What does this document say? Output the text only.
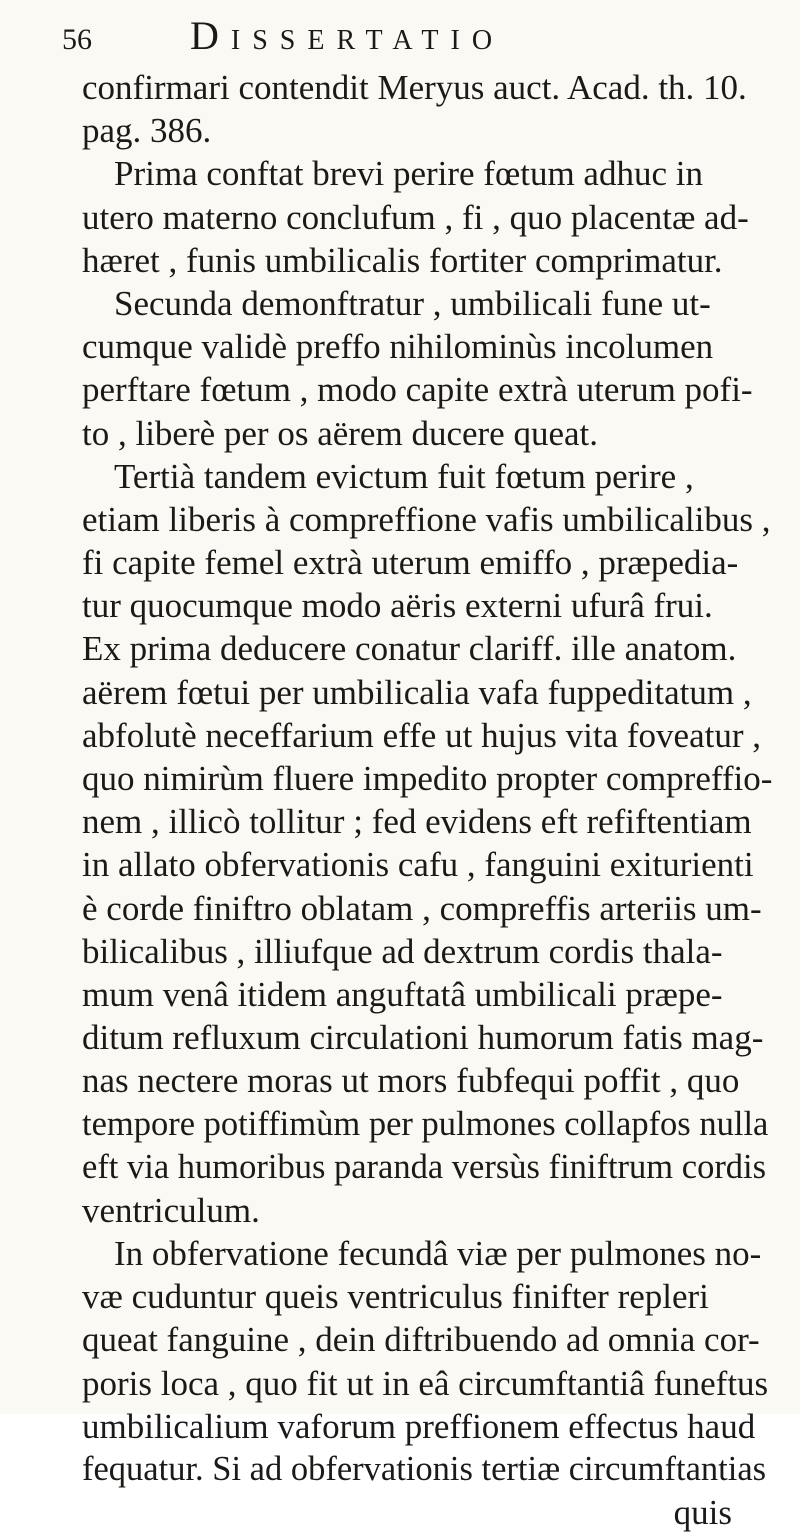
56	Dissertatio
confirmari contendit Meryus auct. Acad. th. 10.
pag. 386.
Prima conftat brevi perire fœtum adhuc in
utero materno conclufum , fi , quo placentæ ad-
hæret , funis umbilicalis fortiter comprimatur.
Secunda demonftratur , umbilicali fune ut-
cumque validè preffo nihilominùs incolumen
perftare fœtum , modo capite extrà uterum pofi-
to , liberè per os aërem ducere queat.
Tertià tandem evictum fuit fœtum perire ,
etiam liberis à compreffione vafis umbilicalibus ,
fi capite femel extrà uterum emiffo , præpedia-
tur quocumque modo aëris externi ufurâ frui.
Ex prima deducere conatur clariff. ille anatom.
aërem fœtui per umbilicalia vafa fuppeditatum ,
abfolutè neceffarium effe ut hujus vita foveatur ,
quo nimirùm fluere impedito propter compreffio-
nem , illicò tollitur ; fed evidens eft refiftentiam
in allato obfervationis cafu , fanguini exiturienti
è corde finiftro oblatam , compreffis arteriis um-
bilicalibus , illiufque ad dextrum cordis thala-
mum venâ itidem anguftatâ umbilicali præpe-
ditum refluxum circulationi humorum fatis mag-
nas nectere moras ut mors fubfequi poffit , quo
tempore potiffimùm per pulmones collapfos nulla
eft via humoribus paranda versùs finiftrum cordis
ventriculum.
In obfervatione fecundâ viæ per pulmones no-
væ cuduntur queis ventriculus finifter repleri
queat fanguine , dein diftribuendo ad omnia cor-
poris loca , quo fit ut in eâ circumftantiâ funeftus
umbilicalium vaforum preffionem effectus haud
fequatur. Si ad obfervationis tertiæ circumftantias
quis
